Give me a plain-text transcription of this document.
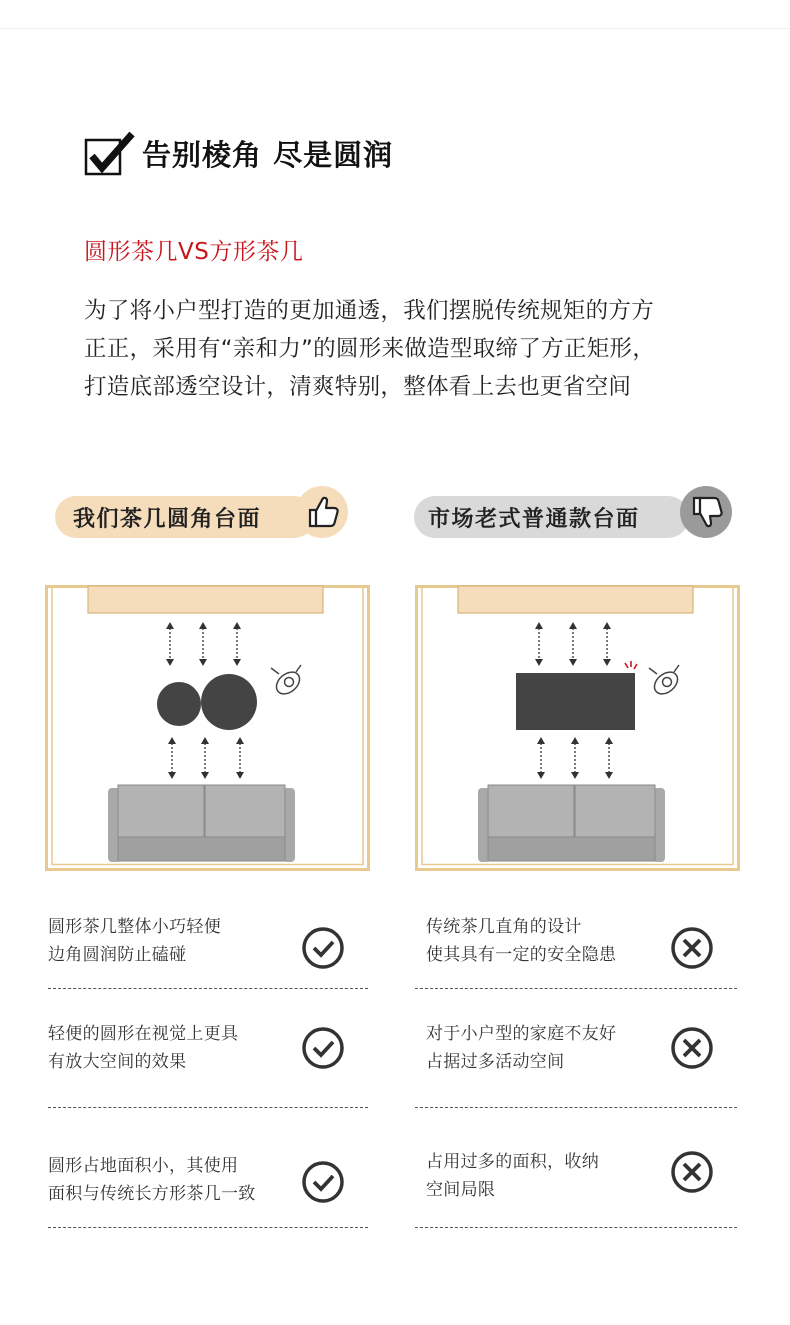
告别棱角 尽是圆润
圆形茶几VS方形茶几
为了将小户型打造的更加通透，我们摆脱传统规矩的方方
正正，采用有“亲和力”的圆形来做造型取缔了方正矩形，
打造底部透空设计，清爽特别，整体看上去也更省空间
我们茶几圆角台面	市场老式普通款台面
圆形茶几整体小巧轻便
边角圆润防止磕碰
轻便的圆形在视觉上更具
有放大空间的效果
圆形占地面积小，其使用
面积与传统长方形茶几一致
传统茶几直角的设计
使其具有一定的安全隐患
对于小户型的家庭不友好
占据过多活动空间
占用过多的面积，收纳
空间局限
